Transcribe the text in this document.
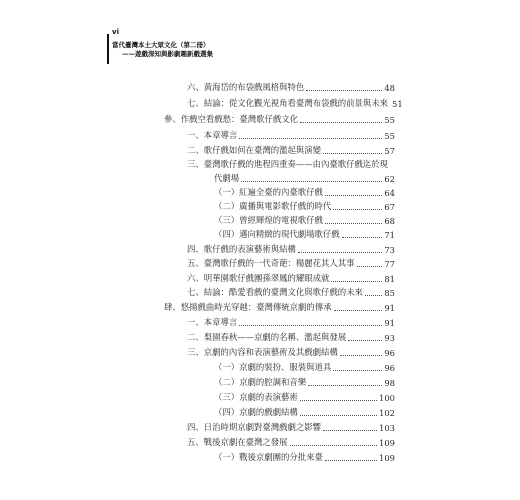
vi
當代臺灣本土大眾文化（第二冊）
——遊戲深知與影劇趣新戲選集
六、黃海岱的布袋戲風格與特色	48
七、結論：從文化觀光視角看臺灣布袋戲的前景與未來 51
參、作戲空看戲愁：臺灣歌仔戲文化	55
一、本章導言	55
二、歌仔戲如何在臺灣的濫起與演變	57
三、臺灣歌仔戲的進程四重奏——由內臺歌仔戲迄於現
代劇場	62
（一）紅遍全臺的內臺歌仔戲	64
（二）廣播與電影歌仔戲的時代	67
（三）曾經輝煌的電視歌仔戲	68
（四）邁向精緻的現代劇場歌仔戲	71
四、歌仔戲的表演藝術與結構	73
五、臺灣歌仔戲的一代奇葩：楊麗花其人其事	77
六、明華園歌仔戲團孫翠鳳的耀眼成就	81
七、結論：酷愛看戲的臺灣文化與歌仔戲的未來	85
肆、悠揚戲曲時光穿越：臺灣傳統京劇的傳承	91
一、本章導言	91
二、梨園春秋——京劇的名稱、濫起與發展	93
三、京劇的內容和表演藝術及其戲劇結構	96
（一）京劇的裝扮、服裝與道具	96
（二）京劇的腔調和音樂	98
（三）京劇的表演藝術	100
（四）京劇的戲劇結構	102
四、日治時期京劇對臺灣戲劇之影響	103
五、戰後京劇在臺灣之發展	109
（一）戰後京劇團的分批來臺	109
